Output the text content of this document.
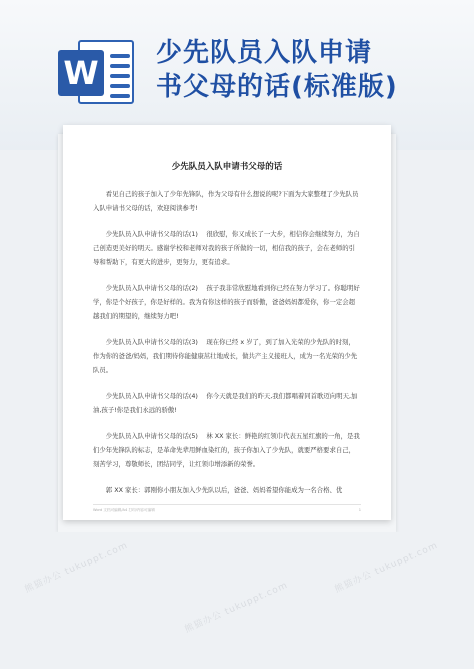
W
少先队员入队申请
书父母的话(标准版)
少先队员入队申请书父母的话

看见自己的孩子加入了少年先锋队，作为父母有什么想说的呢?下面为大家整理了少先队员入队申请书父母的话，欢迎阅读参考!

少先队员入队申请书父母的话(1)　 很欣慰，你又成长了一大步，相信你会继续努力，为自己创造更美好的明天。感谢学校和老师对我的孩子所做的一切，相信我的孩子，会在老师的引导和帮助下，有更大的进步，更努力，更有追求。

少先队员入队申请书父母的话(2)　 孩子我非常欣慰地看到你已经在努力学习了。你聪明好学，你是个好孩子，你是好样的。我为有你这样的孩子而骄傲，爸爸妈妈都爱你，你一定会超越我们的期望的，继续努力吧!

少先队员入队申请书父母的话(3)　 现在你已经 x 岁了，到了加入光荣的少先队的时刻，作为你的爸爸/妈妈，我们期待你能健康茁壮地成长，做共产主义接班人，成为一名光荣的少先队员。

少先队员入队申请书父母的话(4)　 你今天就是我们的昨天,我们都唱着同首歌迈向明天,加油,孩子!你是我们永远的骄傲!

少先队员入队申请书父母的话(5)　 林 XX 家长：鲜艳的红领巾代表五星红旗的一角，是我们少年先锋队的标志，是革命先辈用鲜血染红的，孩子你加入了少先队，就要严格要求自己，刻苦学习，尊敬师长，团结同学，让红领巾增添新的荣誉。

郭 XX 家长：郭刚你小朋友加入少先队以后，爸爸、妈妈希望你能成为一名合格、优

Word 文档可编辑/A4 打印/内容可编辑	1
熊猫办公 tukuppt.com
熊猫办公 tukuppt.com
熊猫办公 tukuppt.com
